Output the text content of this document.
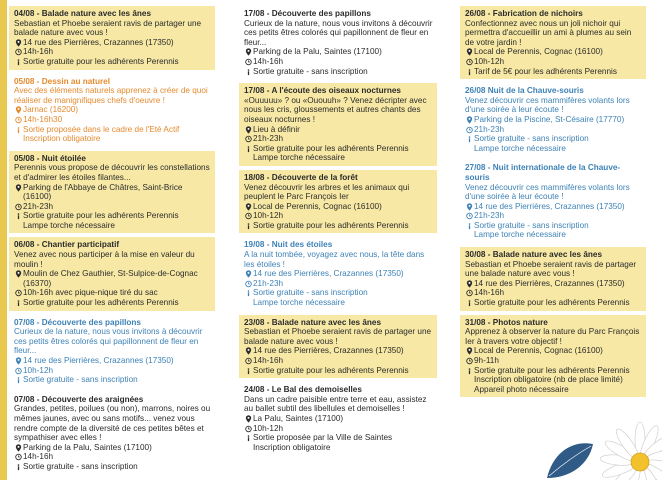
04/08 - Balade nature avec les ânes
Sebastian et Phoebe seraient ravis de partager une balade nature avec vous !
14 rue des Pierrières, Crazannes (17350)
14h-16h
Sortie gratuite pour les adhérents Perennis
05/08 - Dessin au naturel
Avec des éléments naturels apprenez à créer de quoi réaliser de manignifiques chefs d'oeuvre !
Jarnac (16200)
14h-16h30
Sortie proposée dans le cadre de l'Eté Actif
Inscription obligatoire
05/08 - Nuit étoilée
Perennis vous propose de découvrir les constellations et d'admirer les étoiles filantes...
Parking de l'Abbaye de Châtres, Saint-Brice (16100)
21h-23h
Sortie gratuite pour les adhérents Perennis
Lampe torche nécessaire
06/08 - Chantier participatif
Venez avec nous participer à la mise en valeur du moulin !
Moulin de Chez Gauthier, St-Sulpice-de-Cognac (16370)
10h-16h avec pique-nique tiré du sac
Sortie gratuite pour les adhérents Perennis
07/08 - Découverte des papillons
Curieux de la nature, nous vous invitons à découvrir ces petits êtres colorés qui papillonnent de fleur en fleur...
14 rue des Pierrières, Crazannes (17350)
10h-12h
Sortie gratuite - sans inscription
07/08 - Découverte des araignées
Grandes, petites, poilues (ou non), marrons, noires ou mêmes jaunes, avec ou sans motifs... venez vous rendre compte de la diversité de ces petites bêtes et sympathiser avec elles !
Parking de la Palu, Saintes (17100)
14h-16h
Sortie gratuite - sans inscription
17/08 - Découverte des papillons
Curieux de la nature, nous vous invitons à découvrir ces petits êtres colorés qui papillonnent de fleur en fleur...
Parking de la Palu, Saintes (17100)
14h-16h
Sortie gratuite - sans inscription
17/08 - A l'écoute des oiseaux nocturnes
«Ouuuuu» ? ou «Ououuh» ? Venez décripter avec nous les cris, gloussements et autres chants des oiseaux nocturnes !
Lieu à définir
21h-23h
Sortie gratuite pour les adhérents Perennis
Lampe torche nécessaire
18/08 - Découverte de la forêt
Venez découvrir les arbres et les animaux qui peuplent le Parc François Ier
Local de Perennis, Cognac (16100)
10h-12h
Sortie gratuite pour les adhérents Perennis
19/08 - Nuit des étoiles
A la nuit tombée, voyagez avec nous, la tête dans les étoiles !
14 rue des Pierrières, Crazannes (17350)
21h-23h
Sortie gratuite - sans inscription
Lampe torche nécessaire
23/08 - Balade nature avec les ânes
Sebastian et Phoebe seraient ravis de partager une balade nature avec vous !
14 rue des Pierrières, Crazannes (17350)
14h-16h
Sortie gratuite pour les adhérents Perennis
24/08 - Le Bal des demoiselles
Dans un cadre paisible entre terre et eau, assistez au ballet subtil des libellules et demoiselles !
La Palu, Saintes (17100)
10h-12h
Sortie proposée par la Ville de Saintes
Inscription obligatoire
26/08 - Fabrication de nichoirs
Confectionnez avec nous un joli nichoir qui permettra d'accueillir un ami à plumes au sein de votre jardin !
Local de Perennis, Cognac (16100)
10h-12h
Tarif de 5€ pour les adhérents Perennis
26/08 Nuit de la Chauve-souris
Venez découvrir ces mammifères volants lors d'une soirée à leur écoute !
Parking de la Piscine, St-Césaire (17770)
21h-23h
Sortie gratuite - sans inscription
Lampe torche nécessaire
27/08 - Nuit internationale de la Chauve-souris
Venez découvrir ces mammifères volants lors d'une soirée à leur écoute !
14 rue des Pierrières, Crazannes (17350)
21h-23h
Sortie gratuite - sans inscription
Lampe torche nécessaire
30/08 - Balade nature avec les ânes
Sebastian et Phoebe seraient ravis de partager une balade nature avec vous !
14 rue des Pierrières, Crazannes (17350)
14h-16h
Sortie gratuite pour les adhérents Perennis
31/08 - Photos nature
Apprenez à observer la nature du Parc François Ier à travers votre objectif !
Local de Perennis, Cognac (16100)
9h-11h
Sortie gratuite pour les adhérents Perennis
Inscription obligatoire (nb de place limité)
Appareil photo nécessaire
